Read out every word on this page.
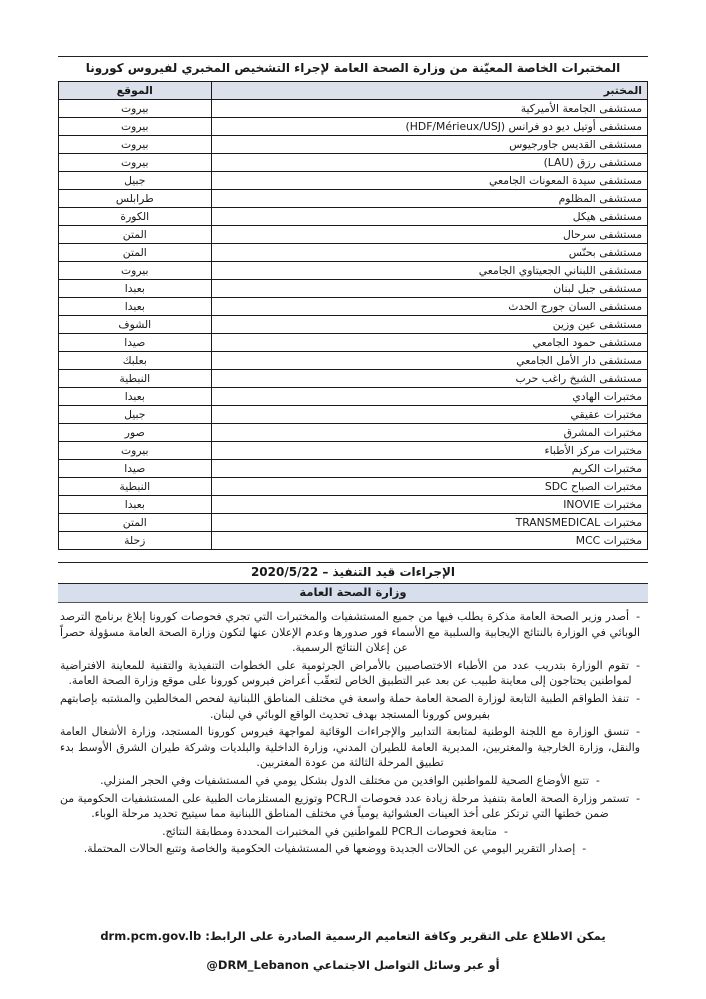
المختبرات الخاصة المعيّنة من وزارة الصحة العامة لإجراء التشخيص المخبري لفيروس كورونا
المختبر	الموقع
مستشفى الجامعة الأميركية	بيروت
مستشفى أوتيل ديو دو فرانس (HDF/Mérieux/USJ)	بيروت
مستشفى القديس جاورجيوس	بيروت
مستشفى رزق (LAU)	بيروت
مستشفى سيدة المعونات الجامعي	جبيل
مستشفى المظلوم	طرابلس
مستشفى هيكل	الكورة
مستشفى سرحال	المتن
مستشفى بحنّس	المتن
مستشفى اللبناني الجعيتاوي الجامعي	بيروت
مستشفى جبل لبنان	بعبدا
مستشفى السان جورج الحدث	بعبدا
مستشفى عين وزين	الشوف
مستشفى حمود الجامعي	صيدا
مستشفى دار الأمل الجامعي	بعلبك
مستشفى الشيخ راغب حرب	النبطية
مختبرات الهادي	بعبدا
مختبرات عقيقي	جبيل
مختبرات المشرق	صور
مختبرات مركز الأطباء	بيروت
مختبرات الكريم	صيدا
مختبرات الصباح SDC	النبطية
مختبرات INOVIE	بعبدا
مختبرات TRANSMEDICAL	المتن
مختبرات MCC	زحلة
الإجراءات قيد التنفيذ – 2020/5/22
وزارة الصحة العامة
-أصدر وزير الصحة العامة مذكرة يطلب فيها من جميع المستشفيات والمختبرات التي تجري فحوصات كورونا إبلاغ برنامج الترصد الوبائي في الوزارة بالنتائج الإيجابية والسلبية مع الأسماء فور صدورها وعدم الإعلان عنها لتكون وزارة الصحة العامة مسؤولة حصراً عن إعلان النتائج الرسمية.
-تقوم الوزارة بتدريب عدد من الأطباء الاختصاصيين بالأمراض الجرثومية على الخطوات التنفيذية والتقنية للمعاينة الافتراضية لمواطنين يحتاجون إلى معاينة طبيب عن بعد عبر التطبيق الخاص لتعقّب أعراض فيروس كورونا على موقع وزارة الصحة العامة.
-تنفذ الطواقم الطبية التابعة لوزارة الصحة العامة حملة واسعة في مختلف المناطق اللبنانية لفحص المخالطين والمشتبه بإصابتهم بفيروس كورونا المستجد بهدف تحديث الواقع الوبائي في لبنان.
-تنسق الوزارة مع اللجنة الوطنية لمتابعة التدابير والإجراءات الوقائية لمواجهة فيروس كورونا المستجد، وزارة الأشغال العامة والنقل، وزارة الخارجية والمغتربين، المديرية العامة للطيران المدني، وزارة الداخلية والبلديات وشركة طيران الشرق الأوسط بدء تطبيق المرحلة الثالثة من عودة المغتربين.
-تتبع الأوضاع الصحية للمواطنين الوافدين من مختلف الدول بشكل يومي في المستشفيات وفي الحجر المنزلي.
-تستمر وزارة الصحة العامة بتنفيذ مرحلة زيادة عدد فحوصات الـPCR وتوزيع المستلزمات الطبية على المستشفيات الحكومية من ضمن خطتها التي ترتكز على أخذ العينات العشوائية يومياً في مختلف المناطق اللبنانية مما سيتيح تحديد مرحلة الوباء.
-متابعة فحوصات الـPCR للمواطنين في المختبرات المحددة ومطابقة النتائج.
-إصدار التقرير اليومي عن الحالات الجديدة ووضعها في المستشفيات الحكومية والخاصة وتتبع الحالات المحتملة.
يمكن الاطلاع على التقرير وكافة التعاميم الرسمية الصادرة على الرابط: drm.pcm.gov.lb
أو عبر وسائل التواصل الاجتماعي @DRM_Lebanon
